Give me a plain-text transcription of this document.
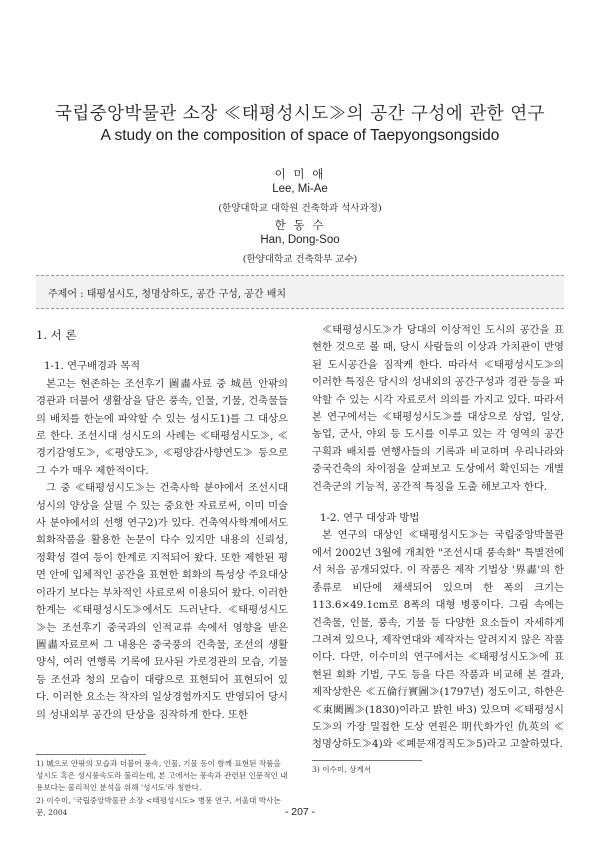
국립중앙박물관 소장 ≪태평성시도≫의 공간 구성에 관한 연구
A study on the composition of space of Taepyongsongsido
이 미 애
Lee, Mi-Ae
(한양대학교 대학원 건축학과 석사과정)
한 동 수
Han, Dong-Soo
(한양대학교 건축학부 교수)
주제어 : 태평성시도, 청명상하도, 공간 구성, 공간 배치
1. 서 론
1-1. 연구배경과 목적

본고는 현존하는 조선후기 圖畵사료 중 城邑 안팎의 경관과 더불어 생활상을 담은 풍속, 인물, 기물, 건축물들의 배치를 한눈에 파악할 수 있는 성시도1)를 그 대상으로 한다. 조선시대 성시도의 사례는 ≪태평성시도≫, ≪경기감영도≫, ≪평양도≫, ≪평양감사향연도≫ 등으로 그 수가 매우 제한적이다.

그 중 ≪태평성시도≫는 건축사학 분야에서 조선시대 성시의 양상을 살필 수 있는 중요한 자료로써, 이미 미술사 분야에서의 선행 연구2)가 있다. 건축역사학계에서도 회화작품을 활용한 논문이 다수 있지만 내용의 신뢰성, 정확성 결여 등이 한계로 지적되어 왔다. 또한 제한된 평면 안에 입체적인 공간을 표현한 회화의 특성상 주요대상이라기 보다는 부차적인 사료로써 이용되어 왔다. 이러한 한계는 ≪태평성시도≫에서도 드러난다. ≪태평성시도≫는 조선후기 중국과의 인적교류 속에서 영향을 받은 圖畵자료로써 그 내용은 중국풍의 건축물, 조선의 생활양식, 여러 연행록 기록에 묘사된 가로경관의 모습, 기물 등 조선과 청의 모습이 대량으로 표현되어 표현되어 있다. 이러한 요소는 작자의 일상경험까지도 반영되어 당시의 성내외부 공간의 단상을 짐작하게 한다. 또한

1) 城으로 안팎의 모습과 더불어 풍속, 인물, 기물 등이 함께 표현된 작품을 성시도 혹은 성시풍속도라 불리는데, 본 고에서는 풍속과 관련된 인문적인 내용보다는 물리적인 분석을 위해 '성시도'라 칭한다.
2) 이수미, '국립중앙박물관 소장 <태평성시도> 병풍 연구, 서울대 박사논문, 2004

≪태평성시도≫가 당대의 이상적인 도시의 공간을 표현한 것으로 볼 때, 당시 사람들의 이상과 가치관이 반영된 도시공간을 짐작케 한다. 따라서 ≪태평성시도≫의 이러한 특징은 당시의 성내외의 공간구성과 경관 등을 파악할 수 있는 시각 자료로서 의의를 가지고 있다. 따라서 본 연구에서는 ≪태평성시도≫를 대상으로 상업, 일상, 농업, 군사, 야외 등 도시를 이루고 있는 각 영역의 공간구획과 배치를 연행사들의 기록과 비교하며 우리나라와 중국건축의 차이점을 살펴보고 도상에서 확인되는 개별 건축군의 기능적, 공간적 특징을 도출 해보고자 한다.

1-2. 연구 대상과 방법

본 연구의 대상인 ≪태평성시도≫는 국립중앙박물관에서 2002년 3월에 개최한 "조선시대 풍속화" 특별전에서 처음 공개되었다. 이 작품은 제작 기법상 '界畵'의 한 종류로 비단에 채색되어 있으며 한 폭의 크기는 113.6×49.1cm로 8폭의 대형 병풍이다. 그림 속에는 건축물, 인물, 풍속, 기물 등 다양한 요소들이 자세하게 그려져 있으나, 제작연대와 제작자는 알려지지 않은 작품이다. 다만, 이수미의 연구에서는 ≪태평성시도≫에 표현된 회화 기법, 구도 등을 다른 작품과 비교해 본 결과, 제작상한은 ≪五倫行實圖≫(1797년) 정도이고, 하한은 ≪東闕圖≫(1830)이라고 밝힌 바3) 있으며 ≪태평성시도≫의 가장 밀접한 도상 연원은 明代화가인 仇英의 ≪청명상하도≫4)와 ≪폐문재경직도≫5)라고 고찰하였다.

3) 이수미, 상게서
- 207 -
